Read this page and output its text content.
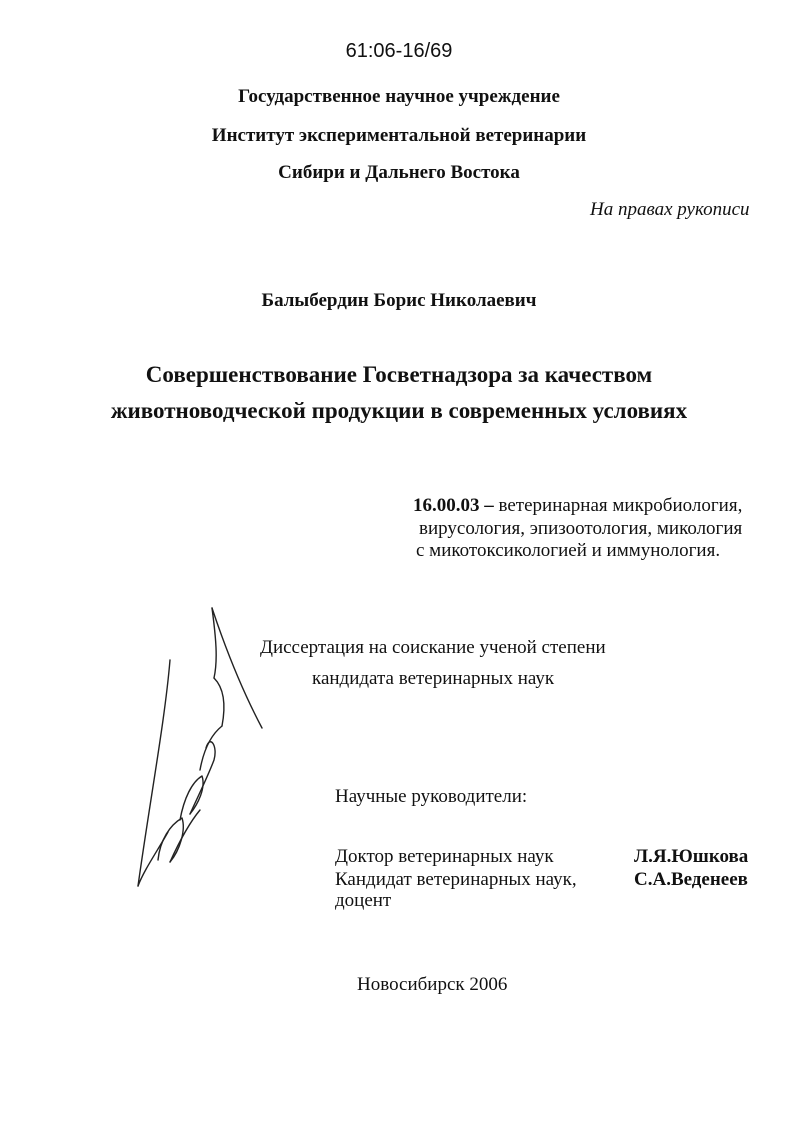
61:06-16/69
Государственное научное учреждение
Институт экспериментальной ветеринарии
Сибири и Дальнего Востока
На правах рукописи
Балыбердин Борис Николаевич
Совершенствование Госветнадзора за качеством
животноводческой продукции в современных условиях
16.00.03 – ветеринарная микробиология,
вирусология, эпизоотология, микология
с микотоксикологией и иммунология.
Диссертация на соискание ученой степени
кандидата ветеринарных наук
Научные руководители:
Доктор ветеринарных наук
Кандидат ветеринарных наук,
доцент
Л.Я.Юшкова
С.А.Веденеев
Новосибирск 2006
